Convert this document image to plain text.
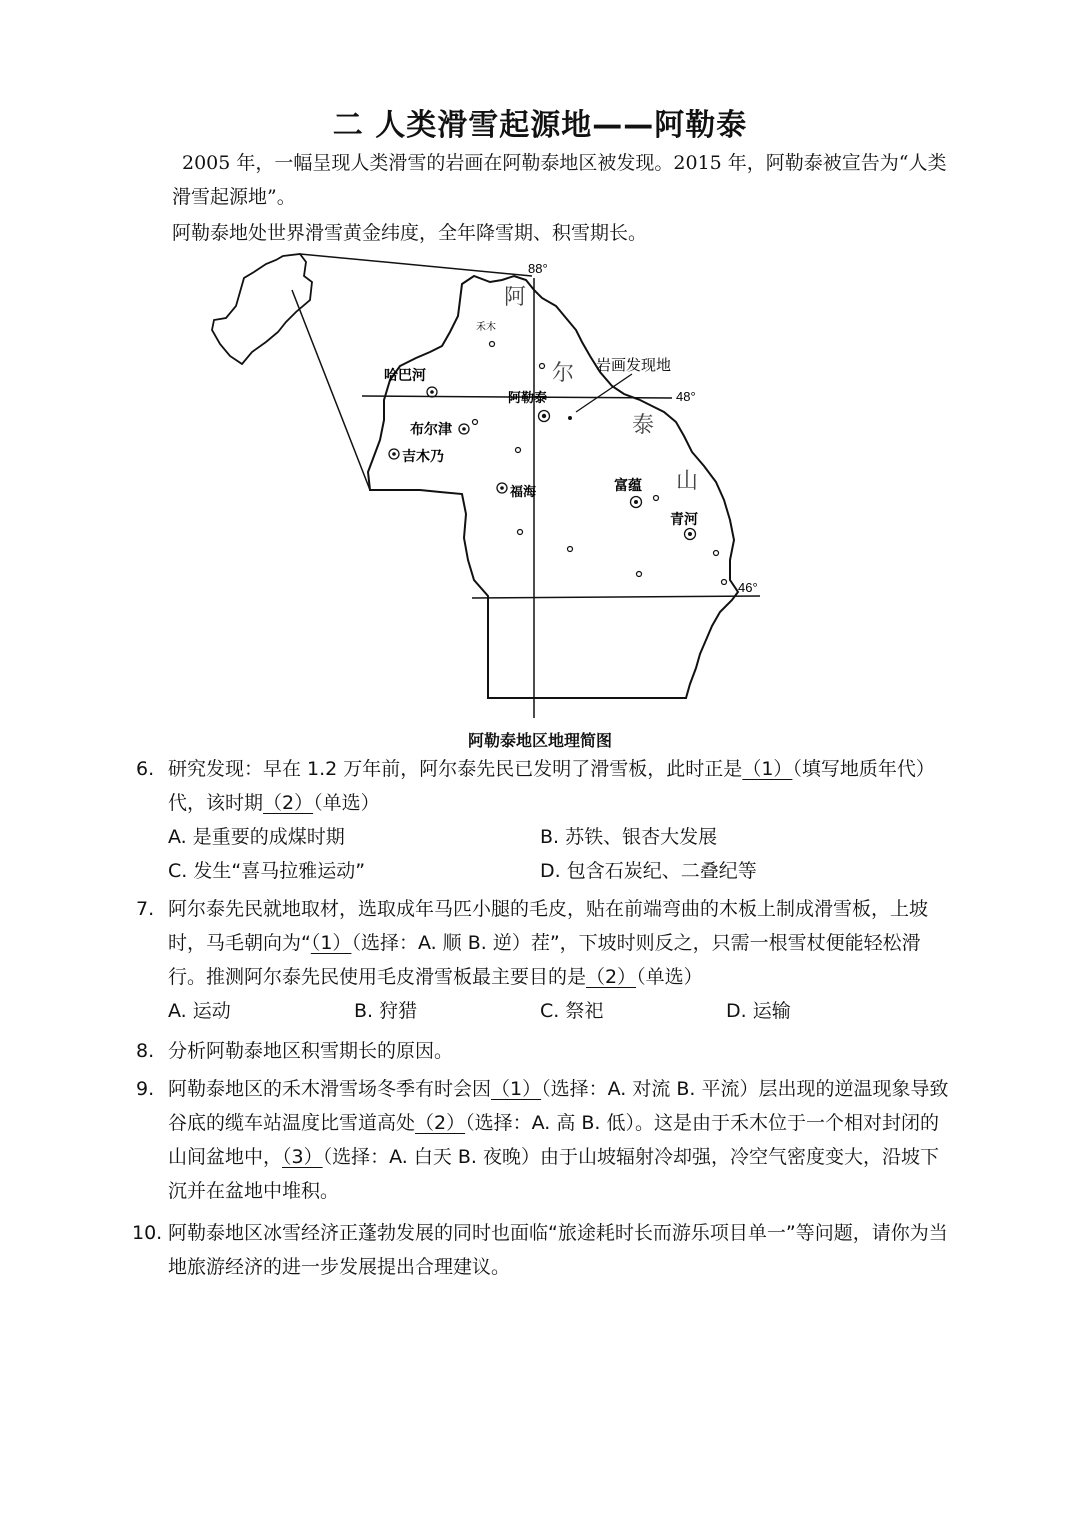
二 人类滑雪起源地——阿勒泰
2005 年，一幅呈现人类滑雪的岩画在阿勒泰地区被发现。2015 年，阿勒泰被宣告为“人类滑雪起源地”。
阿勒泰地处世界滑雪黄金纬度，全年降雪期、积雪期长。
88°
48°
46°
阿
尔
泰
山
岩画发现地
禾木
哈巴河
阿勒泰
布尔津
吉木乃
福海	富蕴
青河
阿勒泰地区地理简图
6. 研究发现：早在 1.2 万年前，阿尔泰先民已发明了滑雪板，此时正是（1）（填写地质年代）代，该时期（2）（单选）
A. 是重要的成煤时期	B. 苏铁、银杏大发展
C. 发生“喜马拉雅运动”	D. 包含石炭纪、二叠纪等
7. 阿尔泰先民就地取材，选取成年马匹小腿的毛皮，贴在前端弯曲的木板上制成滑雪板，上坡时，马毛朝向为“（1）（选择：A. 顺 B. 逆）茬”，下坡时则反之，只需一根雪杖便能轻松滑行。推测阿尔泰先民使用毛皮滑雪板最主要目的是（2）（单选）
A. 运动	B. 狩猎	C. 祭祀	D. 运输
8. 分析阿勒泰地区积雪期长的原因。
9. 阿勒泰地区的禾木滑雪场冬季有时会因（1）（选择：A. 对流 B. 平流）层出现的逆温现象导致谷底的缆车站温度比雪道高处（2）（选择：A. 高 B. 低）。这是由于禾木位于一个相对封闭的山间盆地中，（3）（选择：A. 白天 B. 夜晚）由于山坡辐射冷却强，冷空气密度变大，沿坡下沉并在盆地中堆积。
10. 阿勒泰地区冰雪经济正蓬勃发展的同时也面临“旅途耗时长而游乐项目单一”等问题，请你为当地旅游经济的进一步发展提出合理建议。
